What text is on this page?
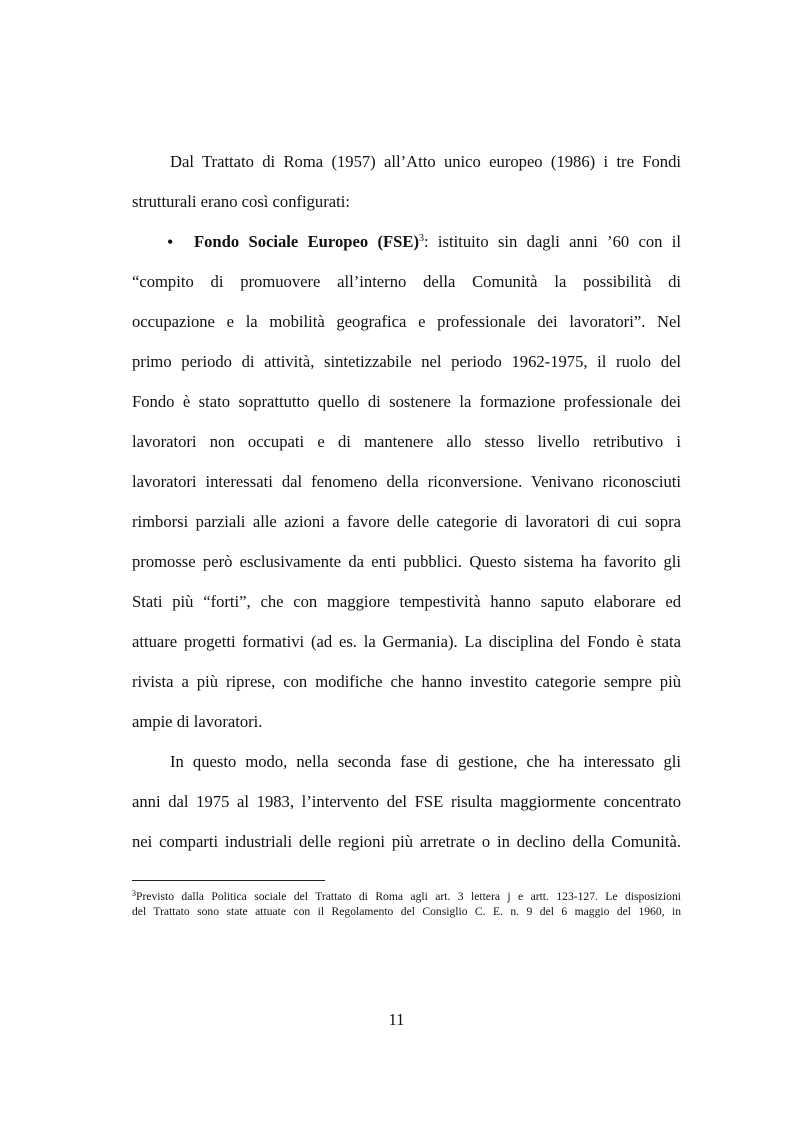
Dal Trattato di Roma (1957) all’Atto unico europeo (1986) i tre Fondi
strutturali erano così configurati:
• Fondo Sociale Europeo (FSE)$^3$: istituito sin dagli anni ’60 con il
“compito di promuovere all’interno della Comunità la possibilità di
occupazione e la mobilità geografica e professionale dei lavoratori”. Nel
primo periodo di attività, sintetizzabile nel periodo 1962-1975, il ruolo del
Fondo è stato soprattutto quello di sostenere la formazione professionale dei
lavoratori non occupati e di mantenere allo stesso livello retributivo i
lavoratori interessati dal fenomeno della riconversione. Venivano riconosciuti
rimborsi parziali alle azioni a favore delle categorie di lavoratori di cui sopra
promosse però esclusivamente da enti pubblici. Questo sistema ha favorito gli
Stati più “forti”, che con maggiore tempestività hanno saputo elaborare ed
attuare progetti formativi (ad es. la Germania). La disciplina del Fondo è stata
rivista a più riprese, con modifiche che hanno investito categorie sempre più
ampie di lavoratori.
In questo modo, nella seconda fase di gestione, che ha interessato gli
anni dal 1975 al 1983, l’intervento del FSE risulta maggiormente concentrato
nei comparti industriali delle regioni più arretrate o in declino della Comunità.
$^3$Previsto dalla Politica sociale del Trattato di Roma agli art. 3 lettera j e artt. 123-127. Le disposizioni
del Trattato sono state attuate con il Regolamento del Consiglio C. E. n. 9 del 6 maggio del 1960, in
11
